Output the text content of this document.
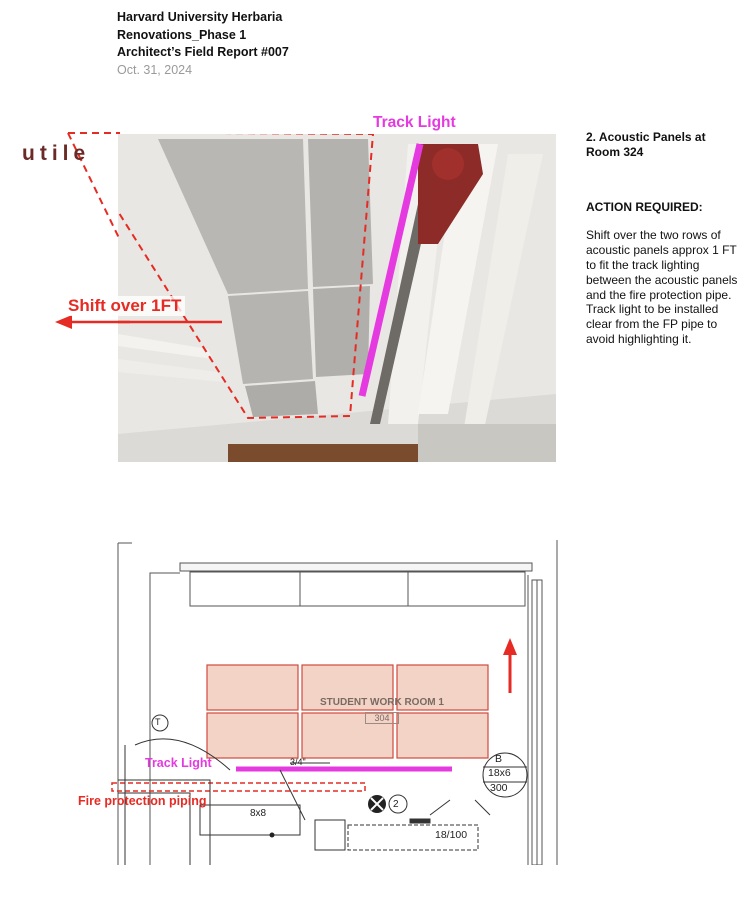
Harvard University Herbaria
Renovations_Phase 1
Architect’s Field Report #007
Oct. 31, 2024
utile
Track Light
Shift over 1FT

2. Acoustic Panels at Room 324

ACTION REQUIRED:

Shift over the two rows of acoustic panels approx 1 FT to fit the track lighting between the acoustic panels and the fire protection pipe. Track light to be installed clear from the FP pipe to avoid highlighting it.

Track Light
Fire protection piping
STUDENT WORK ROOM 1
304
3/4"
8x8
18/100
B
18x6
300
T
2
